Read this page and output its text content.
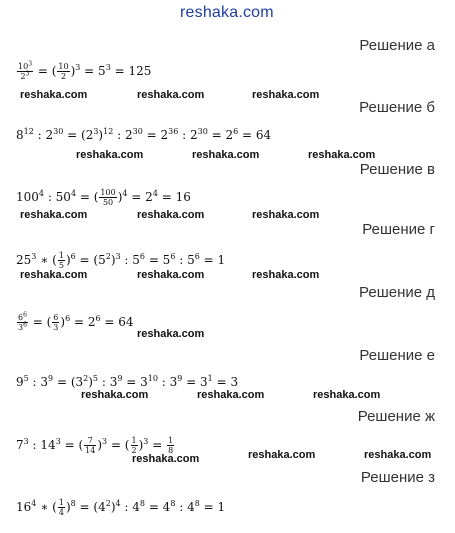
reshaka.com
Решение а
$\frac{10^3}{2^3}$ = ( $\frac{10}{2} )^3 = 5^3 = 125$
reshaka.com	reshaka.com	reshaka.com
Решение б
$8^{12}$ : $2^{30} = (2^3)^{12}$ : $2^{30} = 2^{36}$ : $2^{30} = 2^6 = 64$
reshaka.com	reshaka.com	reshaka.com
Решение в
$100^4$ : $50^4$ = ( $\frac{100}{50} )^4 = 2^4 = 16$
reshaka.com	reshaka.com	reshaka.com
Решение г
$25^3$ ∗ ( $\frac{1}{5} )^6 = (5^2)^3$ : $5^6 = 5^6$ : $5^6 = 1$
reshaka.com	reshaka.com	reshaka.com
Решение д
$\frac{6^6}{3^6}$ = ( $\frac{6}{3} )^6 = 2^6 = 64$
reshaka.com
Решение е
$9^5$ : $3^9 = (3^2)^5$ : $3^9 = 3^{10}$ : $3^9 = 3^1 = 3$
reshaka.com	reshaka.com	reshaka.com
Решение ж
$7^3$ : $14^3$ = ( $\frac{7}{14} )^3$ = ( $\frac{1}{2} )^3 = \frac{1}{8}$
reshaka.com	reshaka.com	reshaka.com
Решение з
$16^4$ ∗ ( $\frac{1}{4} )^8 = (4^2)^4$ : $4^8 = 4^8$ : $4^8 = 1$
